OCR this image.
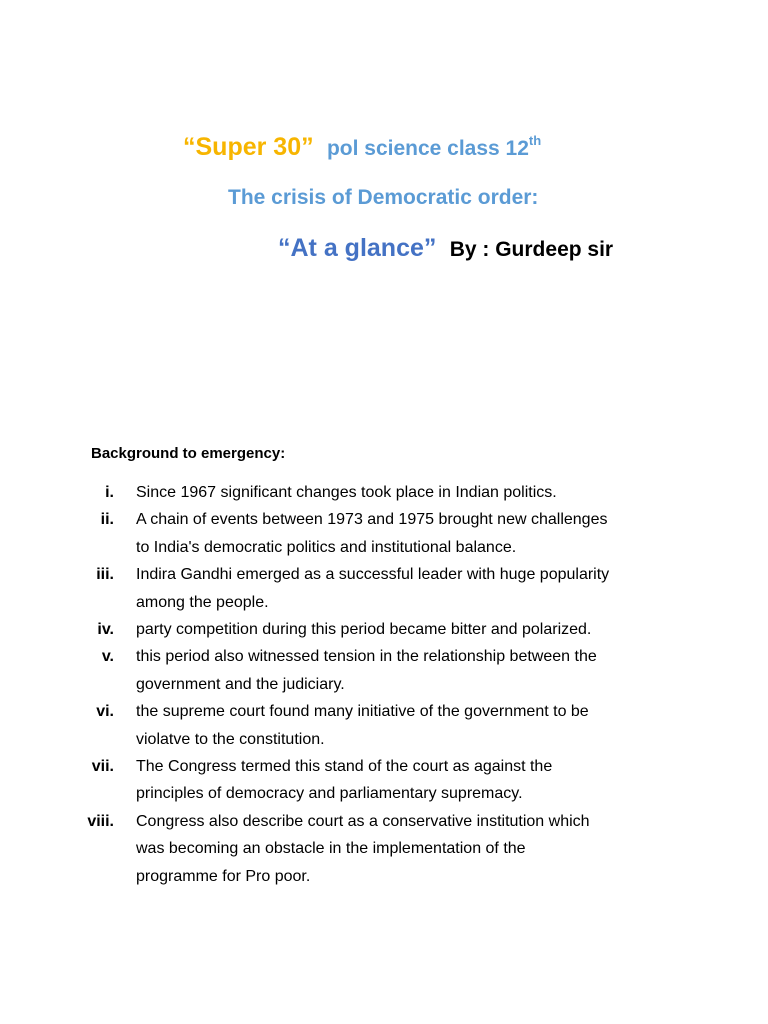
“Super 30” pol science class 12th
The crisis of Democratic order:
“At a glance” By : Gurdeep sir
Background to emergency:
i. Since 1967 significant changes took place in Indian politics.
ii. A chain of events between 1973 and 1975 brought new challenges
to India's democratic politics and institutional balance.
iii. Indira Gandhi emerged as a successful leader with huge popularity
among the people.
iv. party competition during this period became bitter and polarized.
v. this period also witnessed tension in the relationship between the
government and the judiciary.
vi. the supreme court found many initiative of the government to be
violatve to the constitution.
vii. The Congress termed this stand of the court as against the
principles of democracy and parliamentary supremacy.
viii. Congress also describe court as a conservative institution which
was becoming an obstacle in the implementation of the
programme for Pro poor.
